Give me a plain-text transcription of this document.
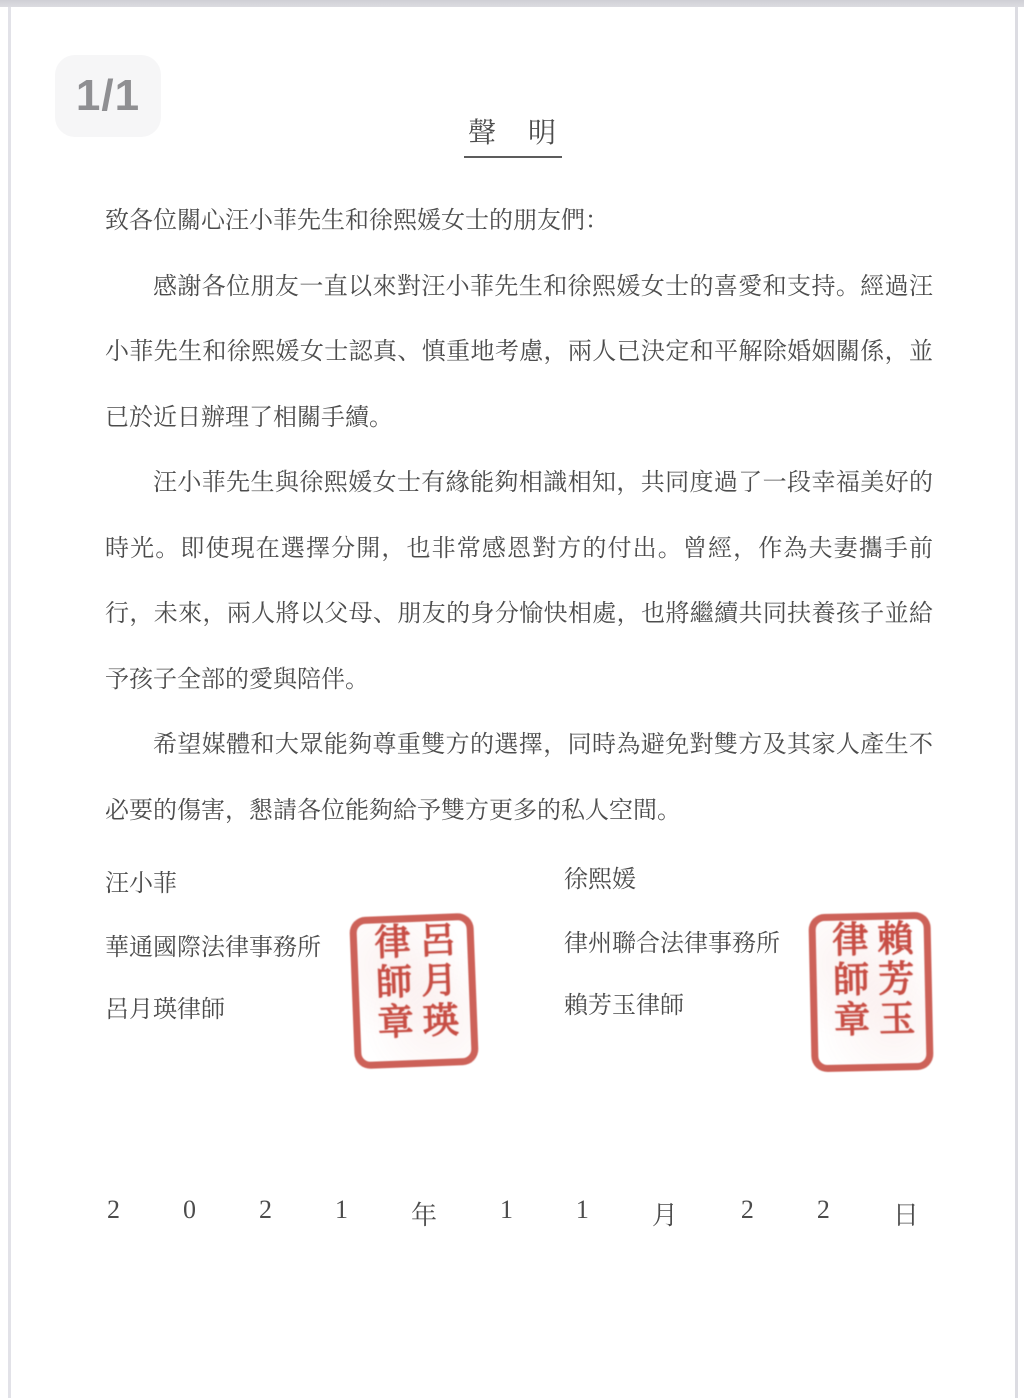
1/1
聲　明

致各位關心汪小菲先生和徐熙媛女士的朋友們：

感謝各位朋友一直以來對汪小菲先生和徐熙媛女士的喜愛和支持。經過汪小菲先生和徐熙媛女士認真、慎重地考慮，兩人已決定和平解除婚姻關係，並已於近日辦理了相關手續。

汪小菲先生與徐熙媛女士有緣能夠相識相知，共同度過了一段幸福美好的時光。即使現在選擇分開，也非常感恩對方的付出。曾經，作為夫妻攜手前行，未來，兩人將以父母、朋友的身分愉快相處，也將繼續共同扶養孩子並給予孩子全部的愛與陪伴。

希望媒體和大眾能夠尊重雙方的選擇，同時為避免對雙方及其家人產生不必要的傷害，懇請各位能夠給予雙方更多的私人空間。

汪小菲
華通國際法律事務所
呂月瑛律師	呂月瑛律師章
徐熙媛
律州聯合法律事務所
賴芳玉律師	賴芳玉律師章
2 0 2 1 年 1 1 月 2 2 日
